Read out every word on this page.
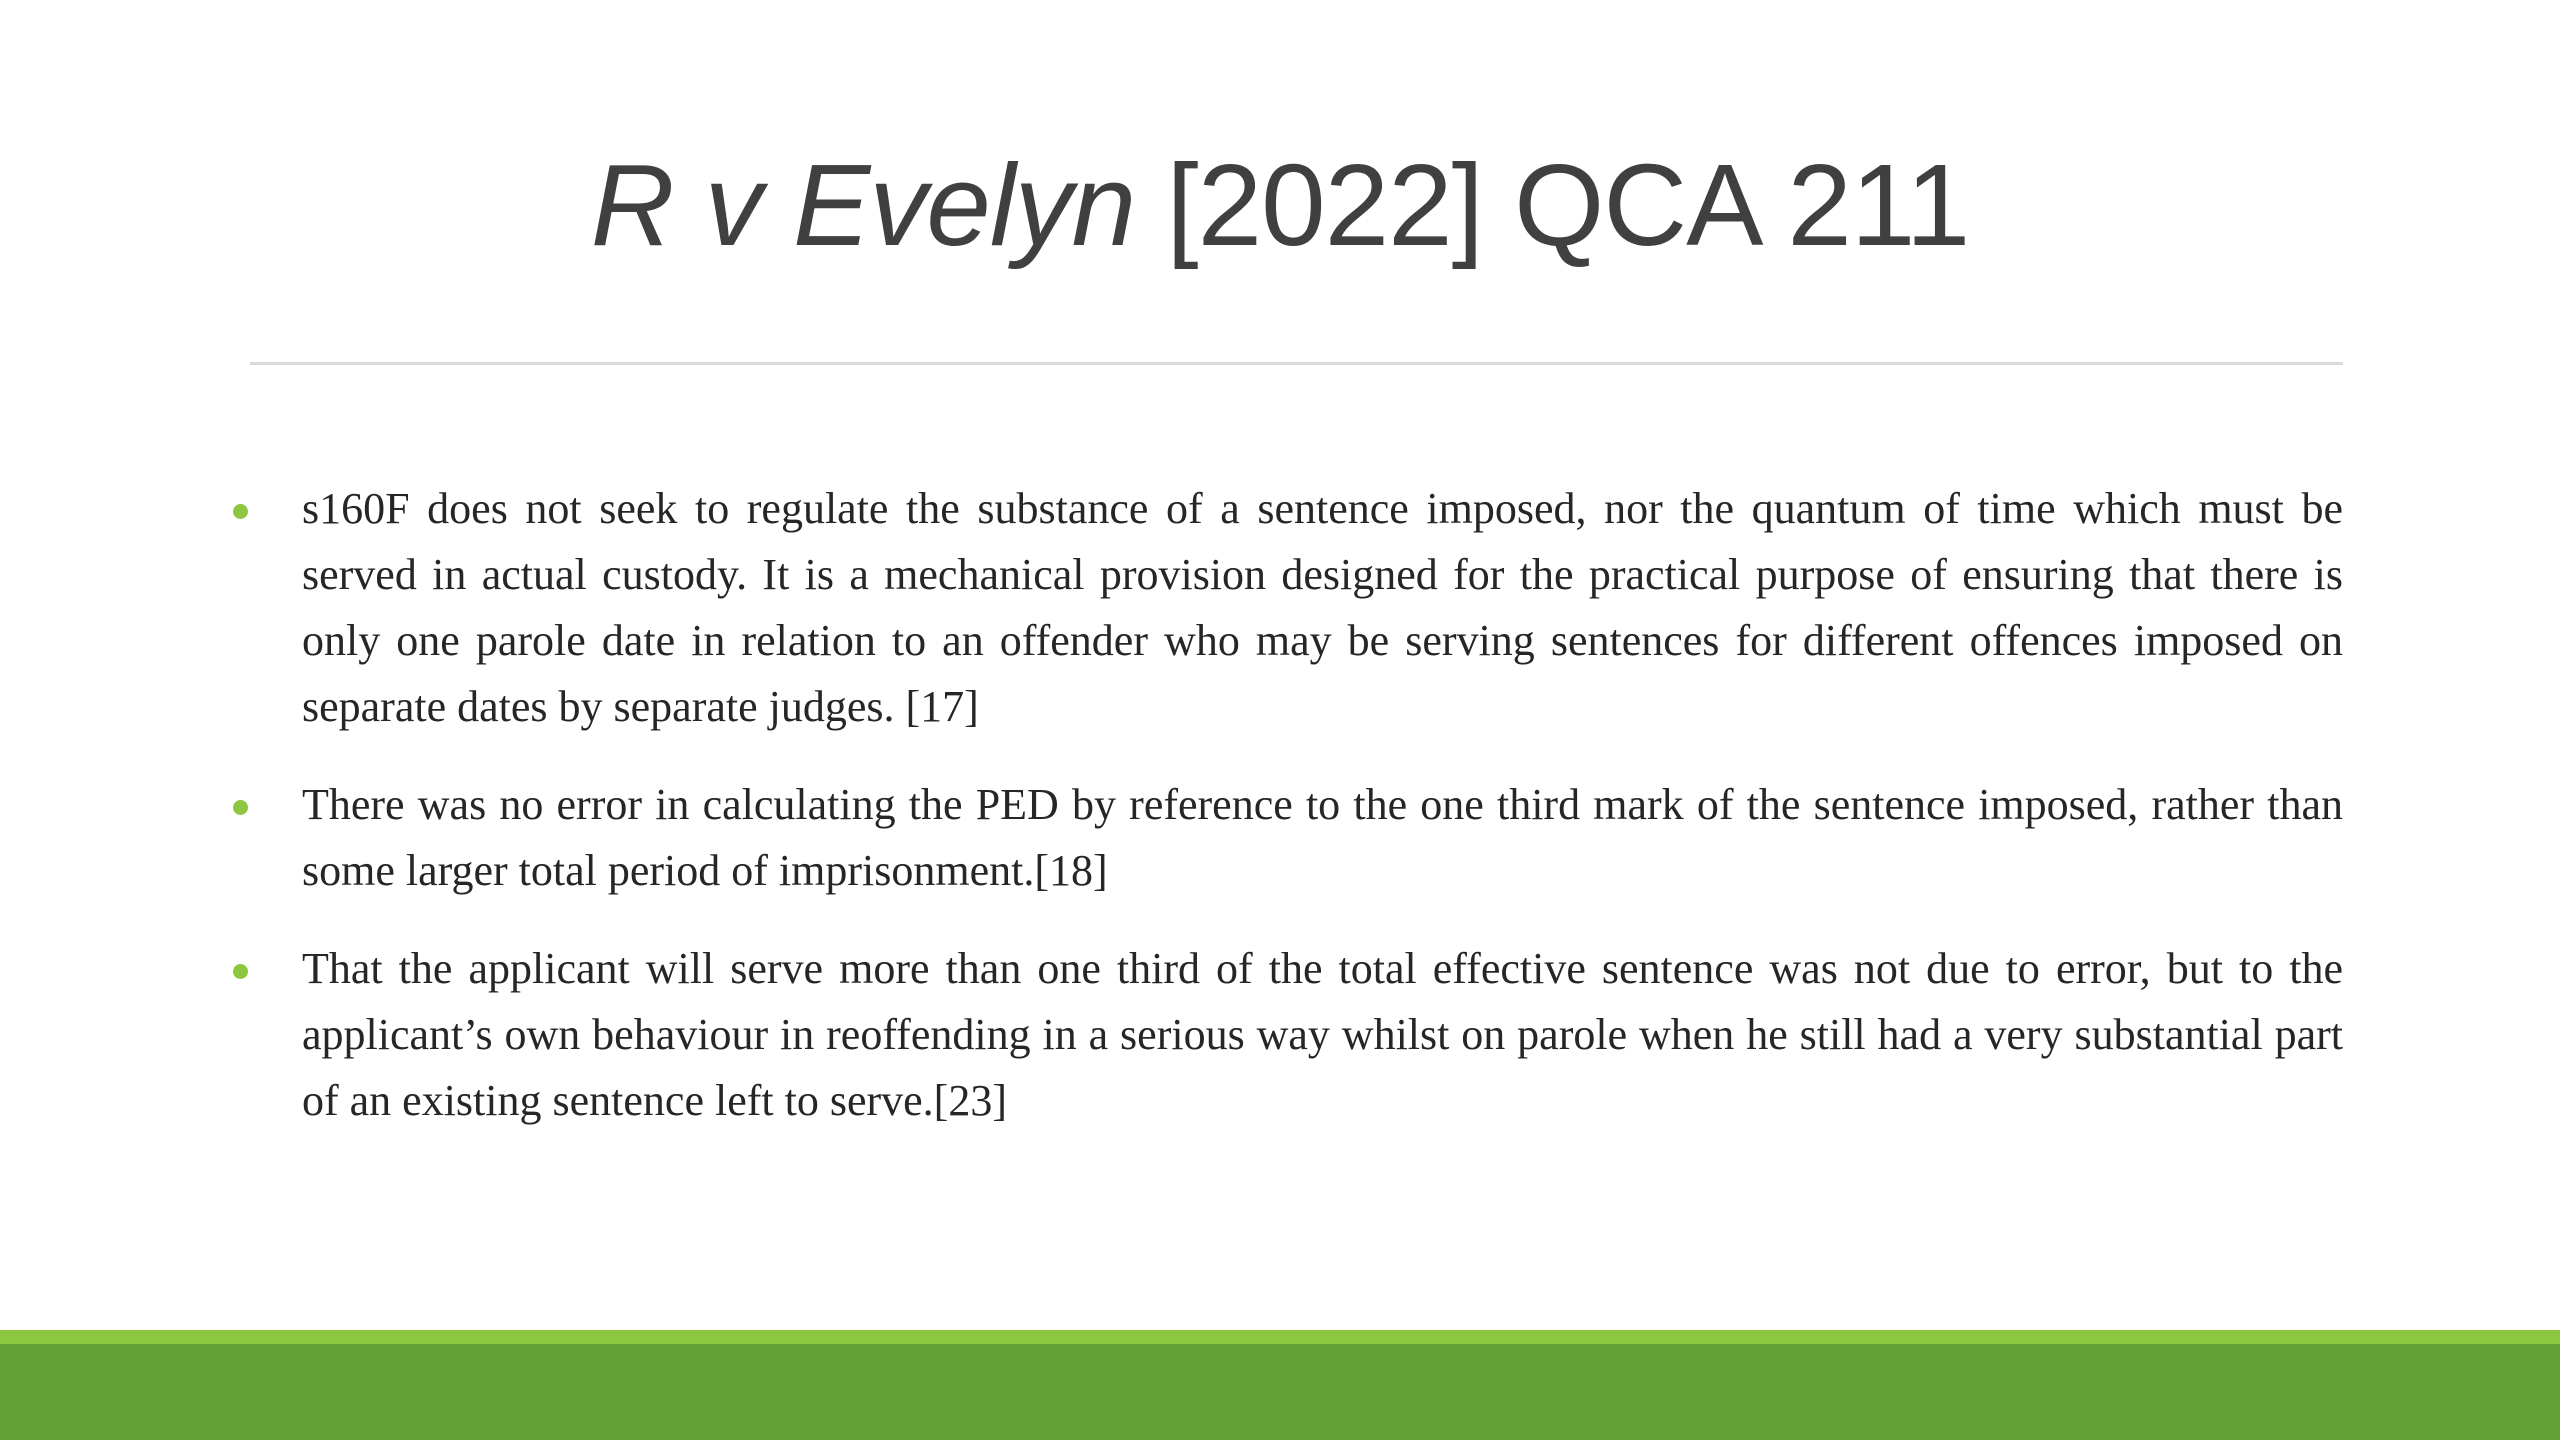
R v Evelyn [2022] QCA 211
s160F does not seek to regulate the substance of a sentence imposed, nor the quantum of time which must be served in actual custody. It is a mechanical provision designed for the practical purpose of ensuring that there is only one parole date in relation to an offender who may be serving sentences for different offences imposed on separate dates by separate judges. [17]
There was no error in calculating the PED by reference to the one third mark of the sentence imposed, rather than some larger total period of imprisonment.[18]
That the applicant will serve more than one third of the total effective sentence was not due to error, but to the applicant’s own behaviour in reoffending in a serious way whilst on parole when he still had a very substantial part of an existing sentence left to serve.[23]
